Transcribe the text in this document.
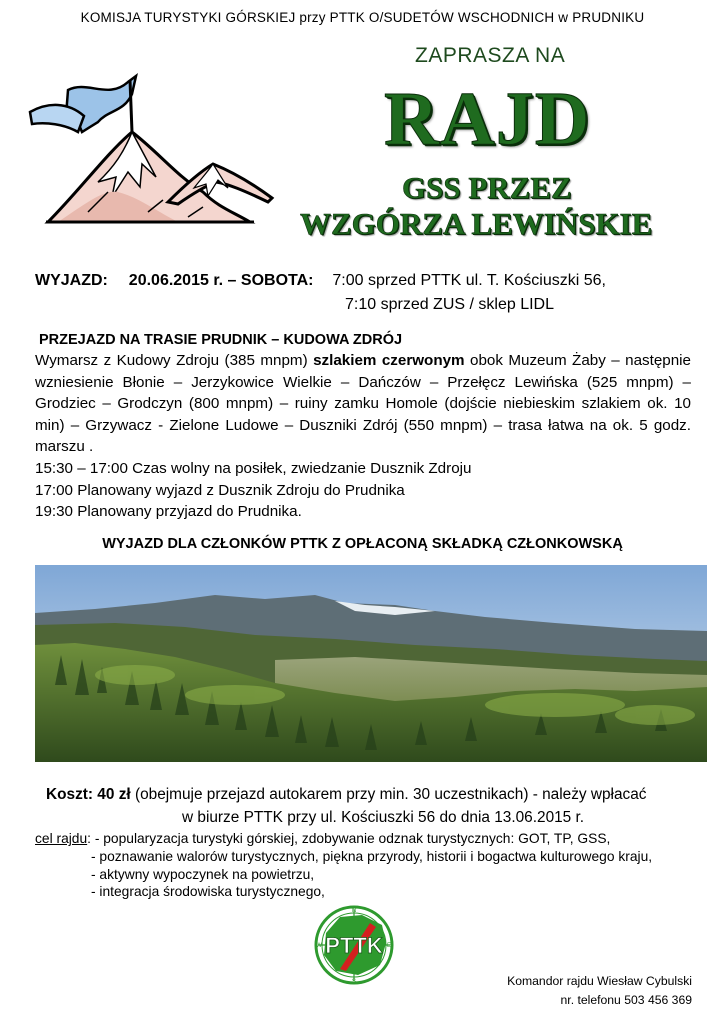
KOMISJA TURYSTYKI GÓRSKIEJ przy PTTK O/SUDETÓW WSCHODNICH w PRUDNIKU
ZAPRASZA NA
RAJD
GSS PRZEZ
WZGÓRZA LEWIŃSKIE
WYJAZD: 20.06.2015 r. – SOBOTA: 7:00 sprzed PTTK ul. T. Kościuszki 56,
7:10 sprzed ZUS / sklep LIDL
PRZEJAZD NA TRASIE PRUDNIK – KUDOWA ZDRÓJ

Wymarsz z Kudowy Zdroju (385 mnpm) szlakiem czerwonym obok Muzeum Żaby – następnie wzniesienie Błonie – Jerzykowice Wielkie – Dańczów – Przełęcz Lewińska (525 mnpm) – Grodziec – Grodczyn (800 mnpm) – ruiny zamku Homole (dojście niebieskim szlakiem ok. 10 min) – Grzywacz - Zielone Ludowe – Duszniki Zdrój (550 mnpm) – trasa łatwa na ok. 5 godz. marszu .

15:30 – 17:00 Czas wolny na posiłek, zwiedzanie Dusznik Zdroju

17:00 Planowany wyjazd z Dusznik Zdroju do Prudnika

19:30 Planowany przyjazd do Prudnika.

WYJAZD DLA CZŁONKÓW PTTK Z OPŁACONĄ SKŁADKĄ CZŁONKOWSKĄ
Koszt: 40 zł (obejmuje przejazd autokarem przy min. 30 uczestnikach) - należy wpłacać
w biurze PTTK przy ul. Kościuszki 56 do dnia 13.06.2015 r.
cel rajdu: - popularyzacja turystyki górskiej, zdobywanie odznak turystycznych: GOT, TP, GSS,
- poznawanie walorów turystycznych, piękna przyrody, historii i bogactwa kulturowego kraju,
- aktywny wypoczynek na powietrzu,
- integracja środowiska turystycznego,
PTTK
N
S
W	E
Komandor rajdu Wiesław Cybulski
nr. telefonu 503 456 369
